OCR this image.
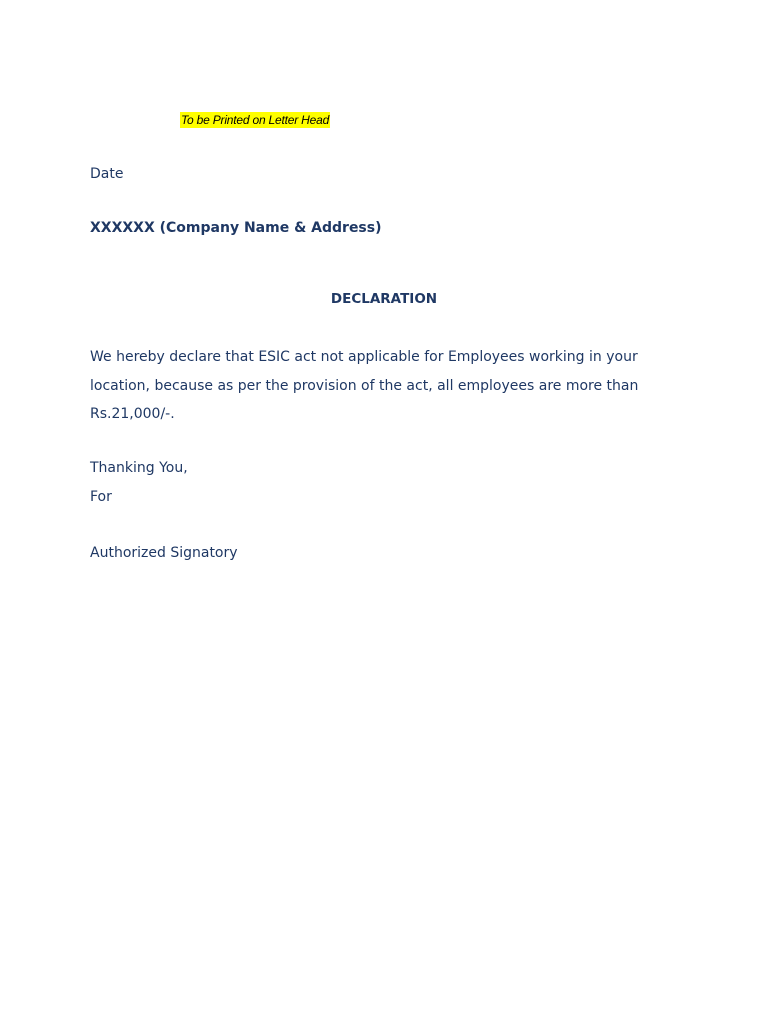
To be Printed on Letter Head

Date

XXXXXX (Company Name & Address)

DECLARATION

We hereby declare that ESIC act not applicable for Employees working in your
location, because as per the provision of the act, all employees are more than
Rs.21,000/-.

Thanking You,

For

Authorized Signatory
